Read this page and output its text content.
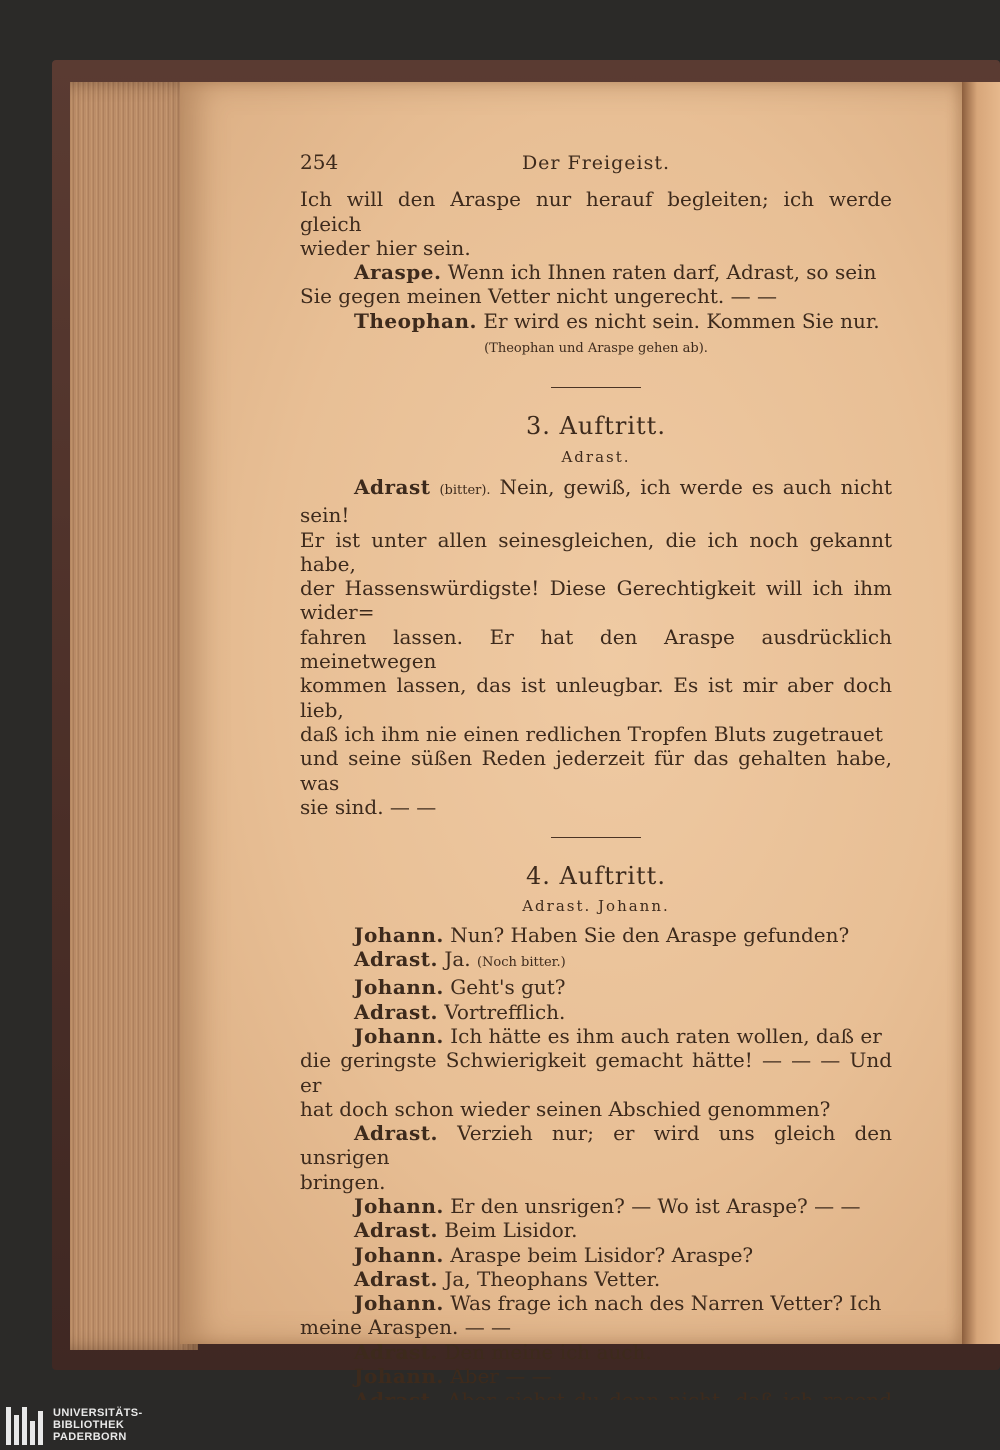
254	Der Freigeist.

Ich will den Araspe nur herauf begleiten; ich werde gleich
wieder hier sein.

Araspe. Wenn ich Ihnen raten darf, Adrast, so sein
Sie gegen meinen Vetter nicht ungerecht. — —

Theophan. Er wird es nicht sein. Kommen Sie nur.

(Theophan und Araspe gehen ab).

3. Auftritt.

Adrast.

Adrast (bitter). Nein, gewiß, ich werde es auch nicht sein!
Er ist unter allen seinesgleichen, die ich noch gekannt habe,
der Hassenswürdigste! Diese Gerechtigkeit will ich ihm wider=
fahren lassen. Er hat den Araspe ausdrücklich meinetwegen
kommen lassen, das ist unleugbar. Es ist mir aber doch lieb,
daß ich ihm nie einen redlichen Tropfen Bluts zugetrauet
und seine süßen Reden jederzeit für das gehalten habe, was
sie sind. — —

4. Auftritt.

Adrast. Johann.

Johann. Nun? Haben Sie den Araspe gefunden?

Adrast. Ja. (Noch bitter.)

Johann. Geht's gut?

Adrast. Vortrefflich.

Johann. Ich hätte es ihm auch raten wollen, daß er
die geringste Schwierigkeit gemacht hätte! — — — Und er
hat doch schon wieder seinen Abschied genommen?

Adrast. Verzieh nur; er wird uns gleich den unsrigen
bringen.

Johann. Er den unsrigen? — Wo ist Araspe? — —

Adrast. Beim Lisidor.

Johann. Araspe beim Lisidor? Araspe?

Adrast. Ja, Theophans Vetter.

Johann. Was frage ich nach des Narren Vetter? Ich
meine Araspen. — —

Adrast. Den meine ich auch.

Johann. Aber — —

UNIVERSITÄTS-
BIBLIOTHEK
PADERBORN
